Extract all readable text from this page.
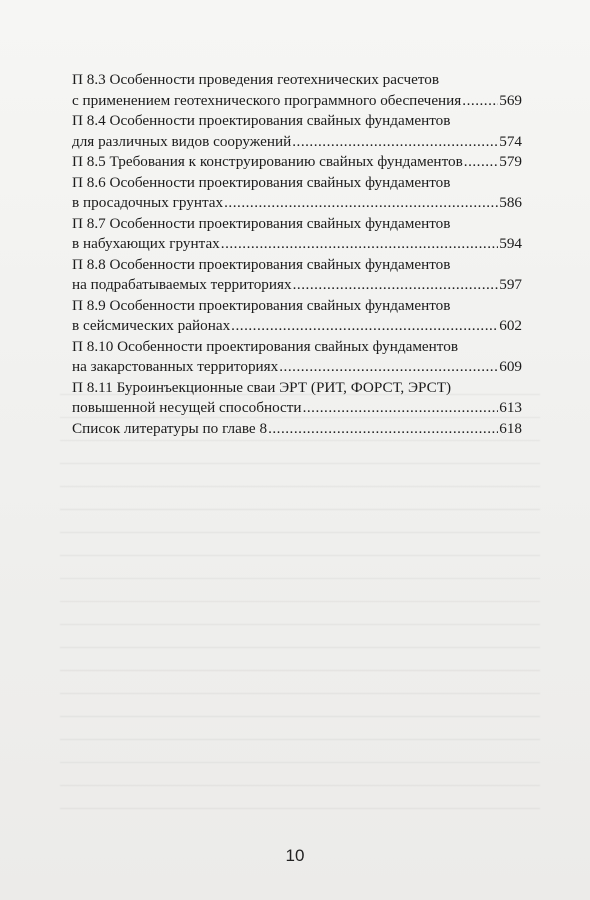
П 8.3 Особенности проведения геотехнических расчетов
с применением геотехнического программного обеспечения ..... 569
П 8.4 Особенности проектирования свайных фундаментов
для различных видов сооружений .....	574
П 8.5 Требования к конструированию свайных фундаментов ..... 579
П 8.6 Особенности проектирования свайных фундаментов
в просадочных грунтах .....	586
П 8.7 Особенности проектирования свайных фундаментов
в набухающих грунтах .....	594
П 8.8 Особенности проектирования свайных фундаментов
на подрабатываемых территориях .....	597
П 8.9 Особенности проектирования свайных фундаментов
в сейсмических районах .....	602
П 8.10 Особенности проектирования свайных фундаментов
на закарстованных территориях .....	609
П 8.11 Буроинъекционные сваи ЭРТ (РИТ, ФОРСТ, ЭРСТ)
повышенной несущей способности .....	613
Список литературы по главе 8 .....	618
10
